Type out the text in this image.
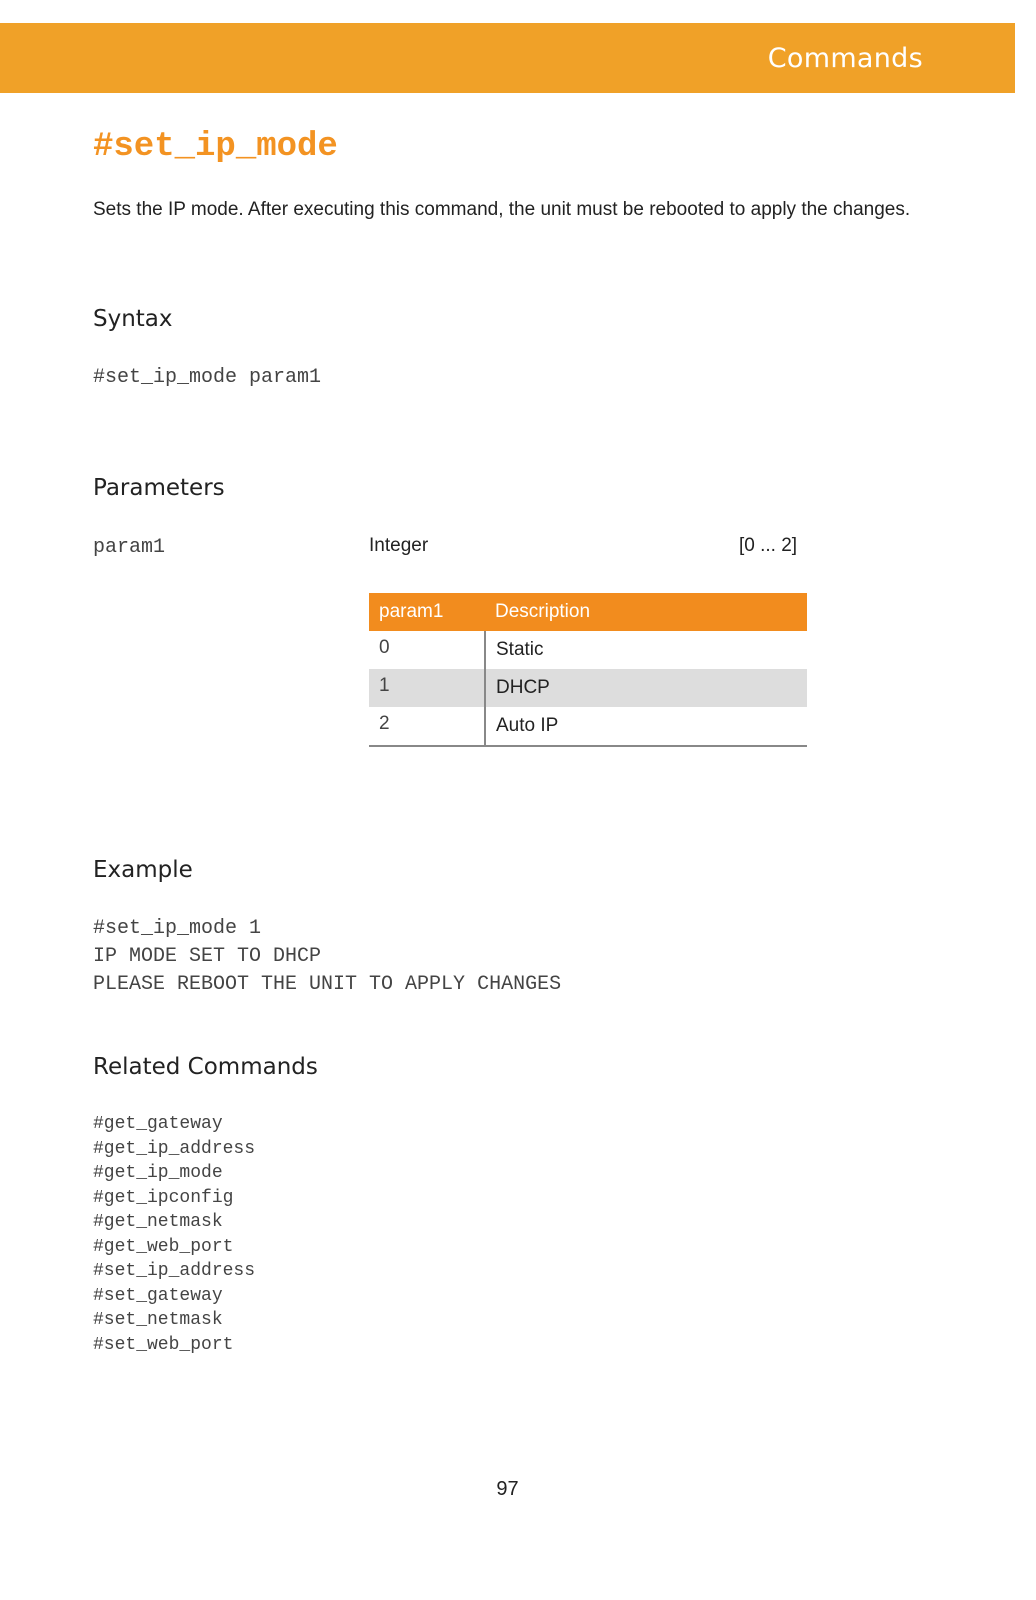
Commands
#set_ip_mode

Sets the IP mode. After executing this command, the unit must be rebooted to apply the changes.

Syntax
#set_ip_mode param1
Parameters
param1	Integer	[0 ... 2]
param1	Description
0	Static
1	DHCP
2	Auto IP
Example
#set_ip_mode 1
IP MODE SET TO DHCP
PLEASE REBOOT THE UNIT TO APPLY CHANGES
Related Commands
#get_gateway
#get_ip_address
#get_ip_mode
#get_ipconfig
#get_netmask
#get_web_port
#set_ip_address
#set_gateway
#set_netmask
#set_web_port
97
